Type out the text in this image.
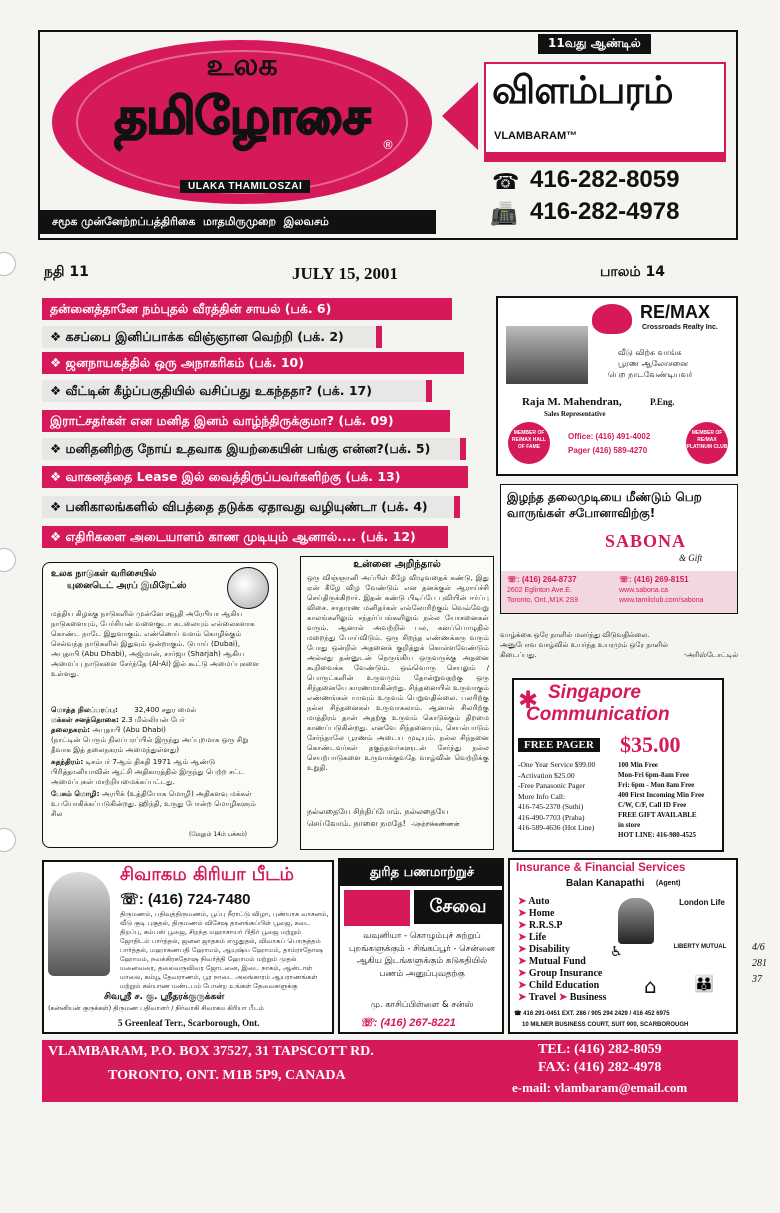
உலக
தமிழோசை	®
ULAKA THAMILOSZAI
சமூக முன்னேற்றப்பத்திரிகை  மாதமிருமுறை  இலவசம்
11வது ஆண்டில்
விளம்பரம்
VLAMBARAM™
☎ 416-282-8059
📠 416-282-4978
நதி 11	JULY 15, 2001	பாலம் 14
தன்னைத்தானே நம்புதல் வீரத்தின் சாயல் (பக். 6)
❖ கசப்பை இனிப்பாக்க விஞ்ஞான வெற்றி (பக். 2)
❖ ஜனநாயகத்தில் ஒரு அநாகரிகம் (பக். 10)
❖ வீட்டின் கீழ்ப்பகுதியில் வசிப்பது உகந்ததா? (பக். 17)
இராட்சதர்கள் என மனித இனம் வாழ்ந்திருக்குமா? (பக். 09)
❖ மனிதனிற்கு நோய் உதவாக இயற்கையின் பங்கு என்ன?(பக். 5)
❖ வாகனத்தை Lease இல் வைத்திருப்பவர்களிற்கு (பக். 13)
❖ பனிகாலங்களில் விபத்தை தடுக்க ஏதாவது வழியுண்டா (பக். 4)
❖ எதிரிகளை அடையாளம் காண முடியும் ஆனால்.... (பக். 12)
RE/MAX
Crossroads Realty Inc.
வீடு விற்க வாங்க
பூரண ஆலோசனை
பெற நாடவேண்டியவர்
Raja M. Mahendran,	P.Eng.
Sales Representative
MEMBER OF RE/MAX HALL OF FAME
Office: (416) 491-4002
Pager (416) 589-4270
MEMBER OF RE/MAX PLATINUM CLUB
இழந்த தலைமுடியை மீண்டும் பெற வாருங்கள் சபோனாவிற்கு!
SABONA
& Gift
☏: (416) 264-8737
2602 Eglinton Ave.E.
Toronto, Ont.,M1K 2S9
☏: (416) 269-8151
www.sabona.ca
www.tamilclub.com/sabona
வாழ்க்கை ஒரே நாளில் மலர்ந்து விடுவதில்லை.
அனுபோவ வாழ்வில் உயர்ந்த உயரமும் ஒரே நாளில்
கிடைப்பது.	-அரிஸ்டோட்டில்
உலக நாடுகள் வரிசையில்
யுனைடெட் அரப் இமிரேட்ஸ்
மத்திய கிழக்கு நாடுகளில் முன்னே சவூதி அரேபியா ஆகிய நாடுகளையும், பேர்சியன் வளைகுடா கடலையும் எல்லைகளாக கொண்ட நாடே இதுவாகும். எண்ணெய் வளம் கொழிக்கும் செல்வந்த நாடுகளில் இதுவும் ஒன்றாகும். டுபாய் (Dubai), அபுதாபி (Abu Dhabi), அஜ்மான், சார்ஜா (Sharjah) ஆகிய அமைப்பு நாடுகளை சேர்ந்தே (Al-Ai) இல் கூட்டு அமைப்புகளை உள்ளது.
மொத்த நிலப்பரப்பு: 32,400 சதுர மைல்
மக்கள் சனத்தொகை: 2.3 மில்லியன் பேர்
தலைநகரம்: அபுதாபி (Abu Dhabi)
(நாட்டின் பெரும் நிலப்பரப்பில் இருந்து அப்புறமாக ஒரு சிறு தீவாக இத் தலைநகரம் அமைந்துள்ளது)
சுதந்திரம்: டிசம்பர் 7ஆம் திகதி 1971 ஆம் ஆண்டு பிரித்தானியாவின் ஆட்சி அதிகாரத்தில் இருந்து பெற்ற சட்ட அமைப்புகள் மாற்றியமைக்கப்பட்டது.
பேசும் மொழி: அரபிக் (உத்தியோக மொழி) அதிகளவு மக்கள் உபயோகிக்கப்படுகின்றது. ஹிந்தி, உருது போன்ற மொழிகளும் சில
(மேலும் 14ம் பக்கம்)
உன்னை அறிந்தால்
ஒரு விஞ்ஞானி அப்பிள் கீழே விழுவதைக் கண்டு, இது ஏன் கீழே விழ வேண்டும் என தனக்குள் ஆராய்ச்சி செய்திருக்கிறார். இதன் கண்டு பிடிப்பே புவியின் ஈர்ப்பு விசை. சாதாரண மனிதர்கள் எல்லோரிற்கும் வெவ்வேறு காலங்களிலும் சந்தர்ப்பங்களிலும் நல்ல யோசனைகள் வரும். ஆனால் அவற்றில் பல, கனப்பொழுதில் மறைந்து போய்விடும். ஒரு சிறந்த எண்ணக்கரு வரும் போது ஒன்றில் அதனைக் குறித்துக் கொள்ளவேண்டும் அல்லது தன்னுடன் நெருங்கிய ஒருவருக்கு அதனை கூறிவைக்க வேண்டும். ஒவ்வொரு செயலும் / பொருட்களின் உருவமும் தோன்றுவதற்கு ஒரு சிந்தனையே காரணமாகின்றது. சிந்தனையில் உருவாகும் எண்ணங்கள் யாவும் உருவம் பெறுவதில்லை. பலரிற்கு நல்ல சிந்தனைகள் உருவாகலாம். ஆனால் சிலரிற்கு மாத்திரம் தான் அதற்கு உருவம் கொடுக்கும் திறமை காணப்படுகின்றது. எனவே சிந்தனையும், செயல்பாடும் சேர்ந்தாலே பூரணம் அடைய முடியும். நல்ல சிந்தனை கொண்டவர்கள் தகுந்தவர்களுடன் சேர்ந்து நல்ல செயற்பாடுகளை உருவாக்குவதே வாழ்வின் வெற்றிக்கு உறுதி.
நல்லதையே சிந்திப்போம். நல்லதையே
செய்வோம். நாளை நமதே! -நெற்றிக்கண்ணன்
✱ Singapore
Communication
FREE PAGER $35.00
-One Year Service $99.00
-Activation $25.00
-Free Panasonic Pager
More Info Call:
416-745-2378 (Suthi)
416-490-7703 (Praba)
416-589-4636 (Hot Line)
100 Min Free
Mon-Fri 6pm-8am Free
Fri: 6pm - Mon 8am Free
400 First Incoming Min Free
C/W, C/F, Call ID Free
FREE GIFT AVAILABLE
in store
HOT LINE: 416-980-4525
சிவாகம கிரியா பீடம்
☏: (416) 724-7480
திருமணம், பதிவுத்திருமணம், பூப்பு நீராட்டு விழா, புண்யாக வாசனம், வீடு குடி புகுதல், திருமணம் விசேஷ தானங்கப்பிள் பூஜை, கடை திறப்பு, கம்பஸ் பூஜை, சிறந்த மஹாசாயர் பிதிர் பூஜை மற்றும் ஜோதிடம் பார்த்தல், ஜனன ஜாதகம் எழுதுதல், விவாகப் பொருத்தம் பார்த்தல், மஹாகணபதி ஹோமம், ஆயுஷ்ய ஹோமம், தாம்ராதோஷ ஹோமம், நவக்கிரகதோஷ நிவர்த்தி ஹோமம் மற்றும் முதல் மனைவரை, தலைவருவிவர ஜோடனை, இடை நாகம், ஆன்டாள் மாலை, கம்யூ தேவராணம், பூர நாடை அலங்காரம் ஆயராணங்கள் மற்றும் கல்யாண மண்டபம் போன்ற உங்கள் தேவைகளுக்கு
சிவஸ்ரீ ச. கு. ஸ்ரீதரக்குருக்கள்
(கன்னியன் குருக்கள்) திருமண பதிவாளர் / நிர்வாகி சிவாகம கிரியா பீடம்
5 Greenleaf Terr., Scarborough, Ont.
துரித பணமாற்றுச்
சேவை
வவுனியா - கொழும்புச் சுற்றுப் புறங்களுக்கும் - சிங்கப்பூர் - சென்னை ஆகிய இடங்களுக்கும் கடுகதியில் பணம் அனுப்புவதற்கு
மு. காசிப்பிள்ளை & சன்ஸ்
☏: (416) 267-8221
Insurance & Financial Services
Balan Kanapathi (Agent)
➤ Auto
➤ Home
➤ R.R.S.P
➤ Life
➤ Disability
➤ Mutual Fund
➤ Group Insurance
➤ Child Education
➤ Travel ➤ Business
London Life
LIBERTY MUTUAL
♿
⌂ 👪
☎ 416 291-0451 EXT. 286 / 905 294 2429 / 416 452 6975
10 MILNER BUSINESS COURT, SUIT 900, SCARBOROUGH
VLAMBARAM, P.O. BOX 37527, 31 TAPSCOTT RD.
TORONTO, ONT. M1B 5P9, CANADA
TEL: (416) 282-8059
FAX: (416) 282-4978
e-mail: vlambaram@email.com
4/6
281
37
